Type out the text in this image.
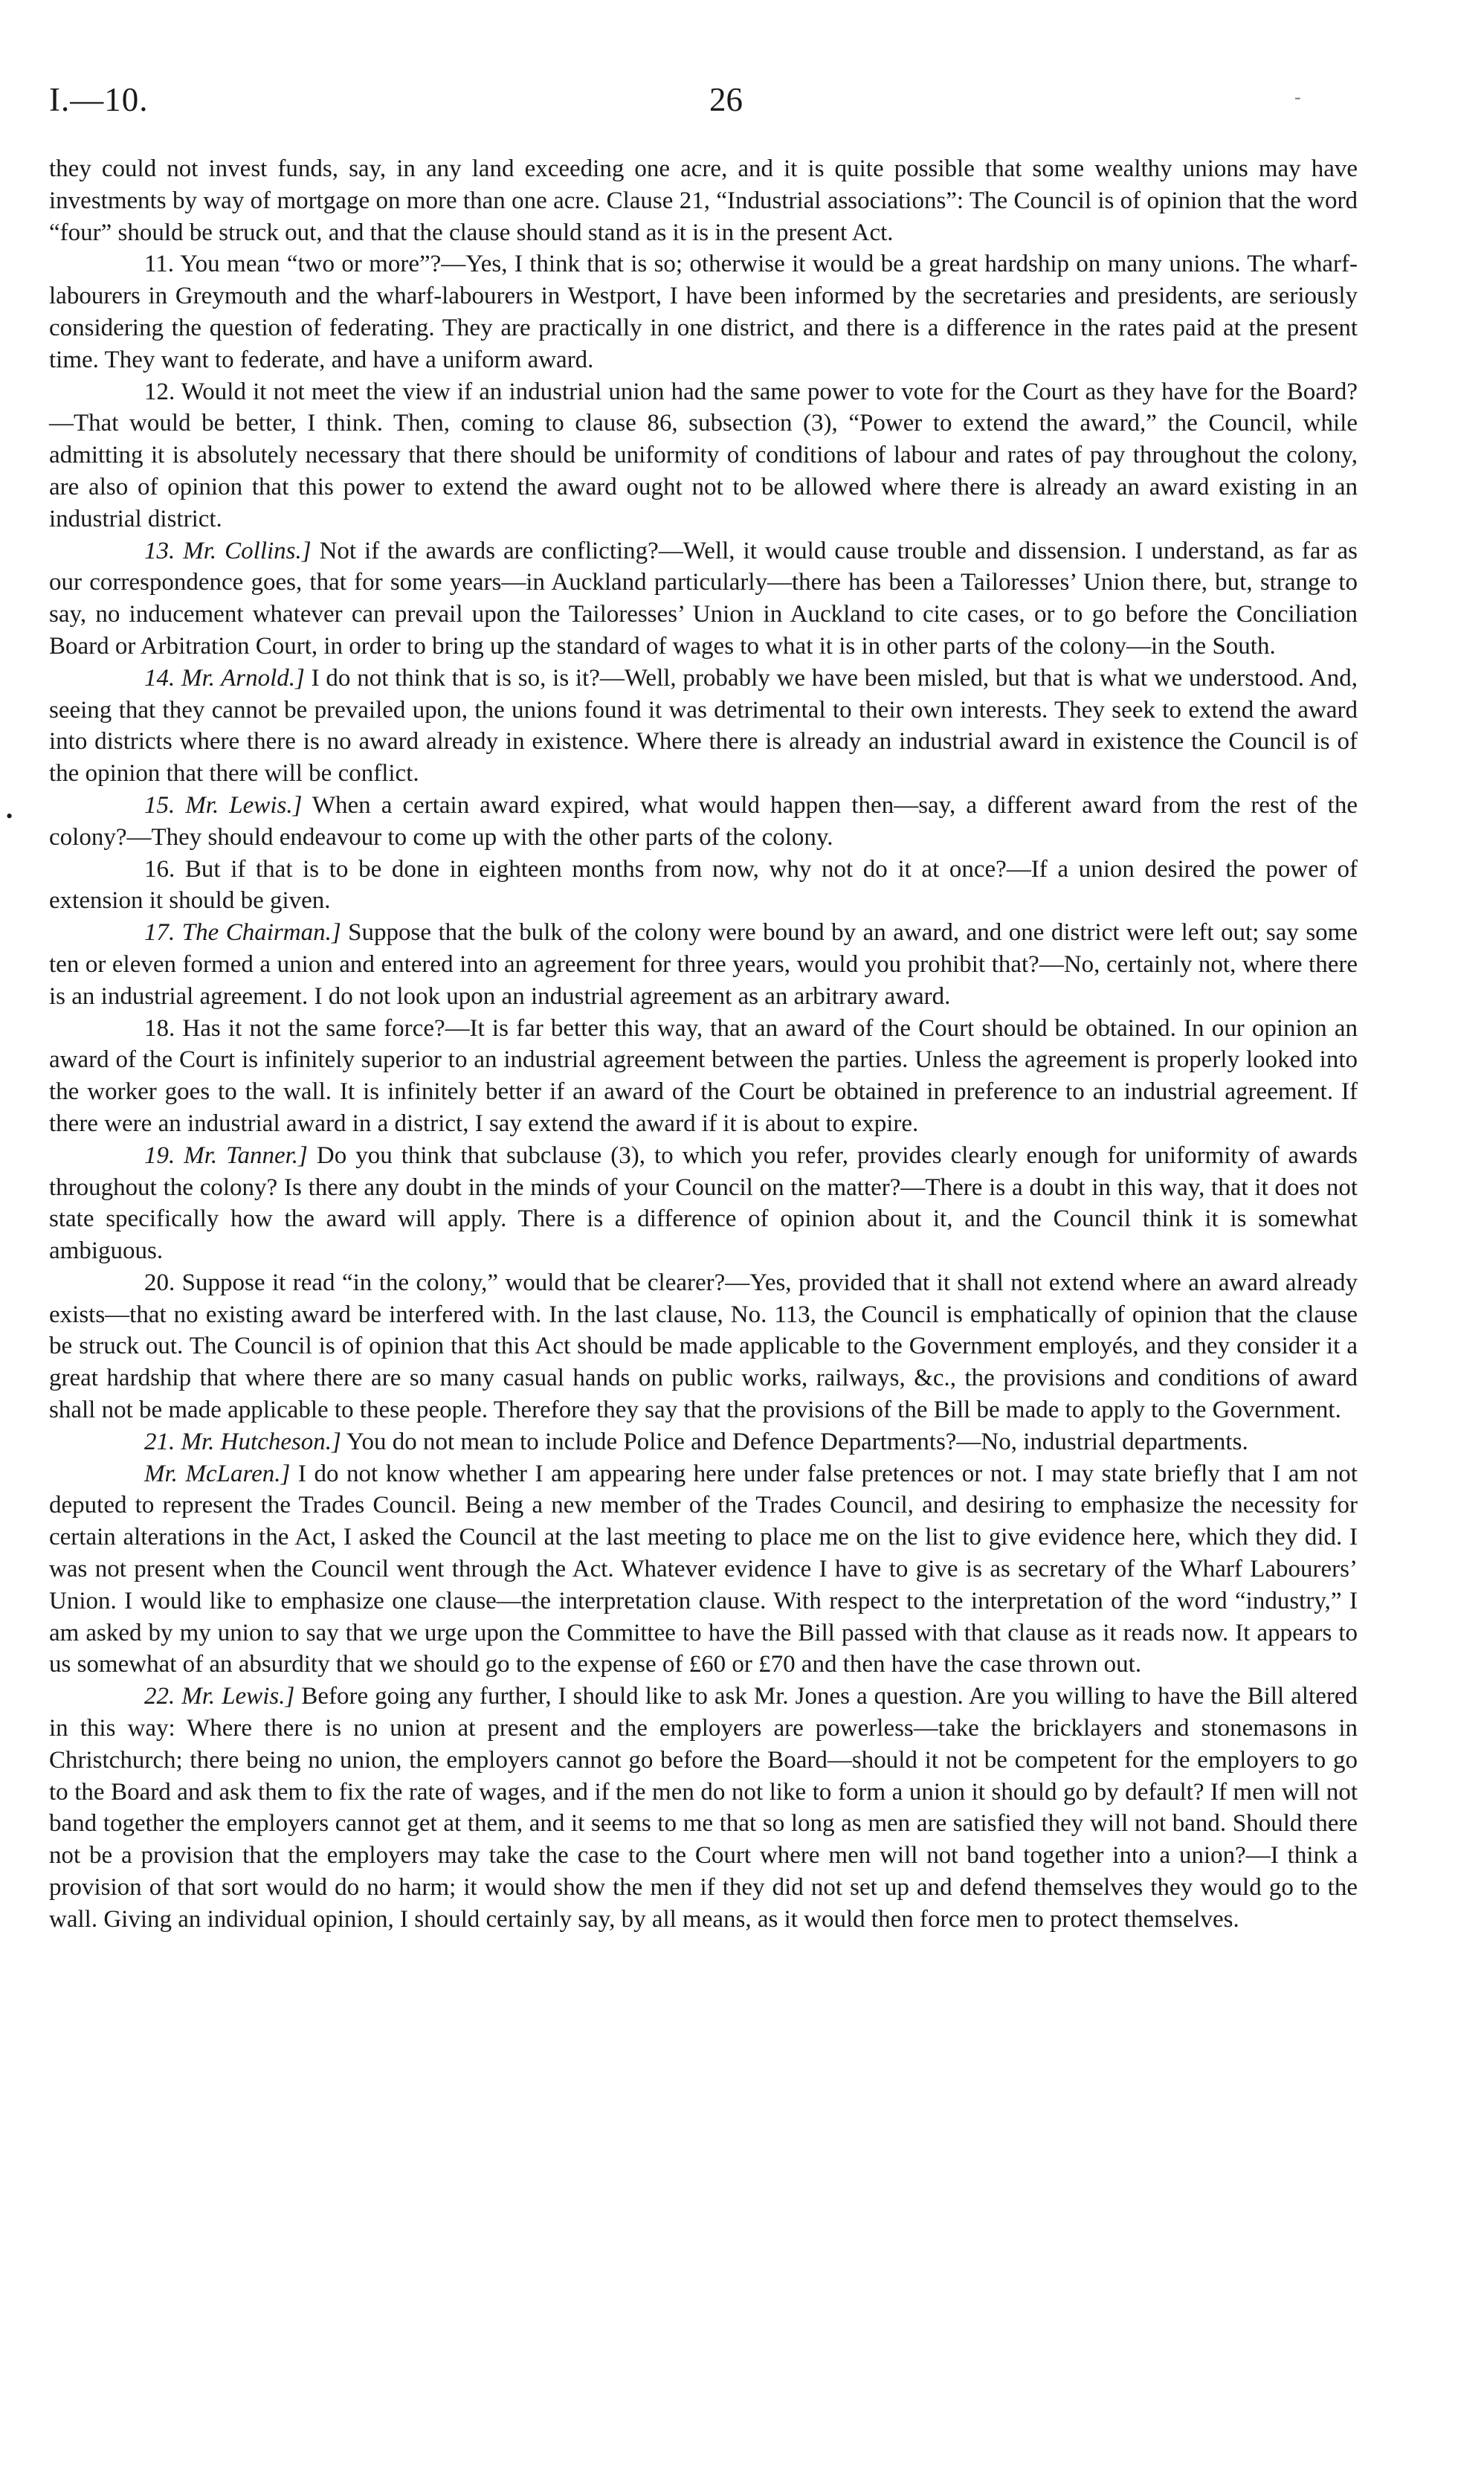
I.—10.	26	-
•

they could not invest funds, say, in any land exceeding one acre, and it is quite possible that some wealthy unions may have investments by way of mortgage on more than one acre. Clause 21, “Industrial associations”: The Council is of opinion that the word “four” should be struck out, and that the clause should stand as it is in the present Act.

11. You mean “two or more”?—Yes, I think that is so; otherwise it would be a great hardship on many unions. The wharf-labourers in Greymouth and the wharf-labourers in Westport, I have been informed by the secretaries and presidents, are seriously considering the question of federating. They are practically in one district, and there is a difference in the rates paid at the present time. They want to federate, and have a uniform award.

12. Would it not meet the view if an industrial union had the same power to vote for the Court as they have for the Board?—That would be better, I think. Then, coming to clause 86, subsection (3), “Power to extend the award,” the Council, while admitting it is absolutely necessary that there should be uniformity of conditions of labour and rates of pay throughout the colony, are also of opinion that this power to extend the award ought not to be allowed where there is already an award existing in an industrial district.

13. Mr. Collins.] Not if the awards are conflicting?—Well, it would cause trouble and dissension. I understand, as far as our correspondence goes, that for some years—in Auckland particularly—there has been a Tailoresses’ Union there, but, strange to say, no inducement whatever can prevail upon the Tailoresses’ Union in Auckland to cite cases, or to go before the Conciliation Board or Arbitration Court, in order to bring up the standard of wages to what it is in other parts of the colony—in the South.

14. Mr. Arnold.] I do not think that is so, is it?—Well, probably we have been misled, but that is what we understood. And, seeing that they cannot be prevailed upon, the unions found it was detrimental to their own interests. They seek to extend the award into districts where there is no award already in existence. Where there is already an industrial award in existence the Council is of the opinion that there will be conflict.

15. Mr. Lewis.] When a certain award expired, what would happen then—say, a different award from the rest of the colony?—They should endeavour to come up with the other parts of the colony.

16. But if that is to be done in eighteen months from now, why not do it at once?—If a union desired the power of extension it should be given.

17. The Chairman.] Suppose that the bulk of the colony were bound by an award, and one district were left out; say some ten or eleven formed a union and entered into an agreement for three years, would you prohibit that?—No, certainly not, where there is an industrial agreement. I do not look upon an industrial agreement as an arbitrary award.

18. Has it not the same force?—It is far better this way, that an award of the Court should be obtained. In our opinion an award of the Court is infinitely superior to an industrial agreement between the parties. Unless the agreement is properly looked into the worker goes to the wall. It is infinitely better if an award of the Court be obtained in preference to an industrial agreement. If there were an industrial award in a district, I say extend the award if it is about to expire.

19. Mr. Tanner.] Do you think that subclause (3), to which you refer, provides clearly enough for uniformity of awards throughout the colony? Is there any doubt in the minds of your Council on the matter?—There is a doubt in this way, that it does not state specifically how the award will apply. There is a difference of opinion about it, and the Council think it is somewhat ambiguous.

20. Suppose it read “in the colony,” would that be clearer?—Yes, provided that it shall not extend where an award already exists—that no existing award be interfered with. In the last clause, No. 113, the Council is emphatically of opinion that the clause be struck out. The Council is of opinion that this Act should be made applicable to the Government employés, and they consider it a great hardship that where there are so many casual hands on public works, railways, &c., the provisions and conditions of award shall not be made applicable to these people. Therefore they say that the provisions of the Bill be made to apply to the Government.

21. Mr. Hutcheson.] You do not mean to include Police and Defence Departments?—No, industrial departments.

Mr. McLaren.] I do not know whether I am appearing here under false pretences or not. I may state briefly that I am not deputed to represent the Trades Council. Being a new member of the Trades Council, and desiring to emphasize the necessity for certain alterations in the Act, I asked the Council at the last meeting to place me on the list to give evidence here, which they did. I was not present when the Council went through the Act. Whatever evidence I have to give is as secretary of the Wharf Labourers’ Union. I would like to emphasize one clause—the interpretation clause. With respect to the interpretation of the word “industry,” I am asked by my union to say that we urge upon the Committee to have the Bill passed with that clause as it reads now. It appears to us somewhat of an absurdity that we should go to the expense of £60 or £70 and then have the case thrown out.

22. Mr. Lewis.] Before going any further, I should like to ask Mr. Jones a question. Are you willing to have the Bill altered in this way: Where there is no union at present and the employers are powerless—take the bricklayers and stonemasons in Christchurch; there being no union, the employers cannot go before the Board—should it not be competent for the employers to go to the Board and ask them to fix the rate of wages, and if the men do not like to form a union it should go by default? If men will not band together the employers cannot get at them, and it seems to me that so long as men are satisfied they will not band. Should there not be a provision that the employers may take the case to the Court where men will not band together into a union?—I think a provision of that sort would do no harm; it would show the men if they did not set up and defend themselves they would go to the wall. Giving an individual opinion, I should certainly say, by all means, as it would then force men to protect themselves.
